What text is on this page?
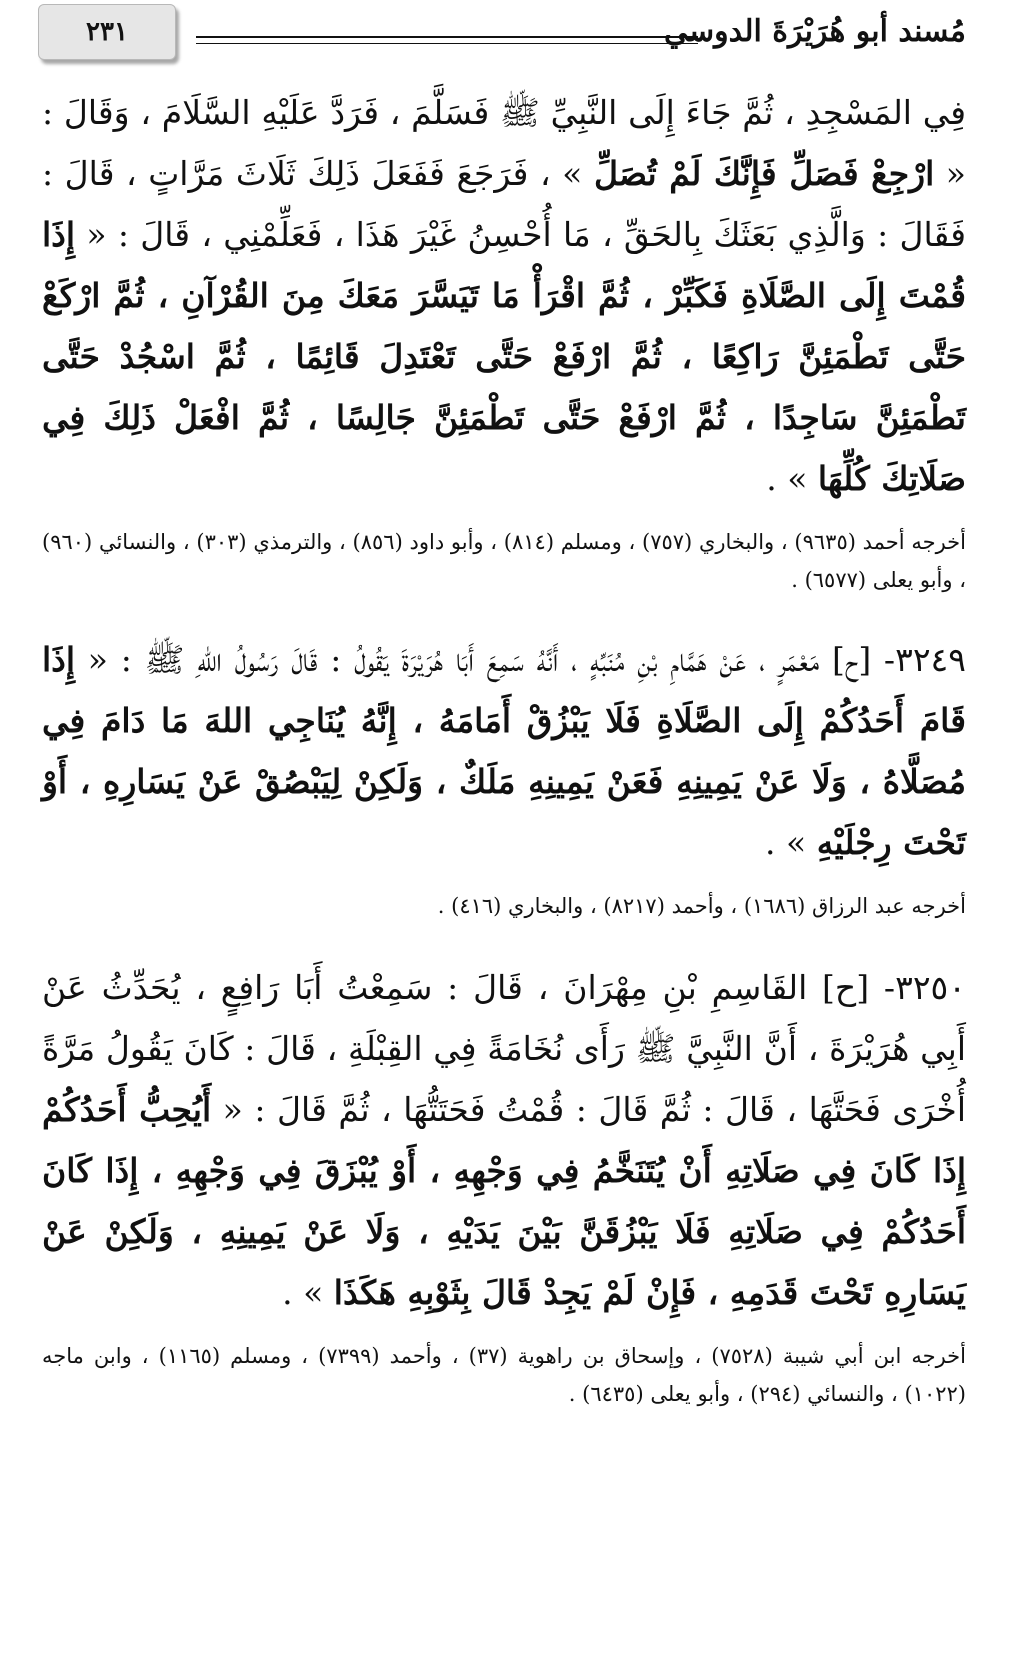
٢٣١	مُسند أبو هُرَيْرَةَ الدوسي

فِي المَسْجِدِ ، ثُمَّ جَاءَ إِلَى النَّبِيِّ ﷺ فَسَلَّمَ ، فَرَدَّ عَلَيْهِ السَّلَامَ ، وَقَالَ : « ارْجِعْ فَصَلِّ فَإِنَّكَ لَمْ تُصَلِّ » ، فَرَجَعَ فَفَعَلَ ذَلِكَ ثَلَاثَ مَرَّاتٍ ، قَالَ : فَقَالَ : وَالَّذِي بَعَثَكَ بِالحَقِّ ، مَا أُحْسِنُ غَيْرَ هَذَا ، فَعَلِّمْنِي ، قَالَ : « إِذَا قُمْتَ إِلَى الصَّلَاةِ فَكَبِّرْ ، ثُمَّ اقْرَأْ مَا تَيَسَّرَ مَعَكَ مِنَ القُرْآنِ ، ثُمَّ ارْكَعْ حَتَّى تَطْمَئِنَّ رَاكِعًا ، ثُمَّ ارْفَعْ حَتَّى تَعْتَدِلَ قَائِمًا ، ثُمَّ اسْجُدْ حَتَّى تَطْمَئِنَّ سَاجِدًا ، ثُمَّ ارْفَعْ حَتَّى تَطْمَئِنَّ جَالِسًا ، ثُمَّ افْعَلْ ذَلِكَ فِي صَلَاتِكَ كُلِّهَا » .

أخرجه أحمد (٩٦٣٥) ، والبخاري (٧٥٧) ، ومسلم (٨١٤) ، وأبو داود (٨٥٦) ، والترمذي (٣٠٣) ، والنسائي (٩٦٠) ، وأبو يعلى (٦٥٧٧) .

٣٢٤٩- [ح] مَعْمَرٍ ، عَنْ هَمَّامِ بْنِ مُنَبِّهٍ ، أَنَّهُ سَمِعَ أَبَا هُرَيْرَةَ يَقُولُ : قَالَ رَسُولُ اللهِ ﷺ : « إِذَا قَامَ أَحَدُكُمْ إِلَى الصَّلَاةِ فَلَا يَبْزُقْ أَمَامَهُ ، إِنَّهُ يُنَاجِي اللهَ مَا دَامَ فِي مُصَلَّاهُ ، وَلَا عَنْ يَمِينِهِ فَعَنْ يَمِينِهِ مَلَكٌ ، وَلَكِنْ لِيَبْصُقْ عَنْ يَسَارِهِ ، أَوْ تَحْتَ رِجْلَيْهِ » .

أخرجه عبد الرزاق (١٦٨٦) ، وأحمد (٨٢١٧) ، والبخاري (٤١٦) .

٣٢٥٠- [ح] القَاسِمِ بْنِ مِهْرَانَ ، قَالَ : سَمِعْتُ أَبَا رَافِعٍ ، يُحَدِّثُ عَنْ أَبِي هُرَيْرَةَ ، أَنَّ النَّبِيَّ ﷺ رَأَى نُخَامَةً فِي القِبْلَةِ ، قَالَ : كَانَ يَقُولُ مَرَّةً أُخْرَى فَحَتَّهَا ، قَالَ : ثُمَّ قَالَ : قُمْتُ فَحَتَتُّهَا ، ثُمَّ قَالَ : « أَيُحِبُّ أَحَدُكُمْ إِذَا كَانَ فِي صَلَاتِهِ أَنْ يُتَنَخَّمُ فِي وَجْهِهِ ، أَوْ يُبْزَقَ فِي وَجْهِهِ ، إِذَا كَانَ أَحَدُكُمْ فِي صَلَاتِهِ فَلَا يَبْزُقَنَّ بَيْنَ يَدَيْهِ ، وَلَا عَنْ يَمِينِهِ ، وَلَكِنْ عَنْ يَسَارِهِ تَحْتَ قَدَمِهِ ، فَإِنْ لَمْ يَجِدْ قَالَ بِثَوْبِهِ هَكَذَا » .

أخرجه ابن أبي شيبة (٧٥٢٨) ، وإسحاق بن راهوية (٣٧) ، وأحمد (٧٣٩٩) ، ومسلم (١١٦٥) ، وابن ماجه (١٠٢٢) ، والنسائي (٢٩٤) ، وأبو يعلى (٦٤٣٥) .
